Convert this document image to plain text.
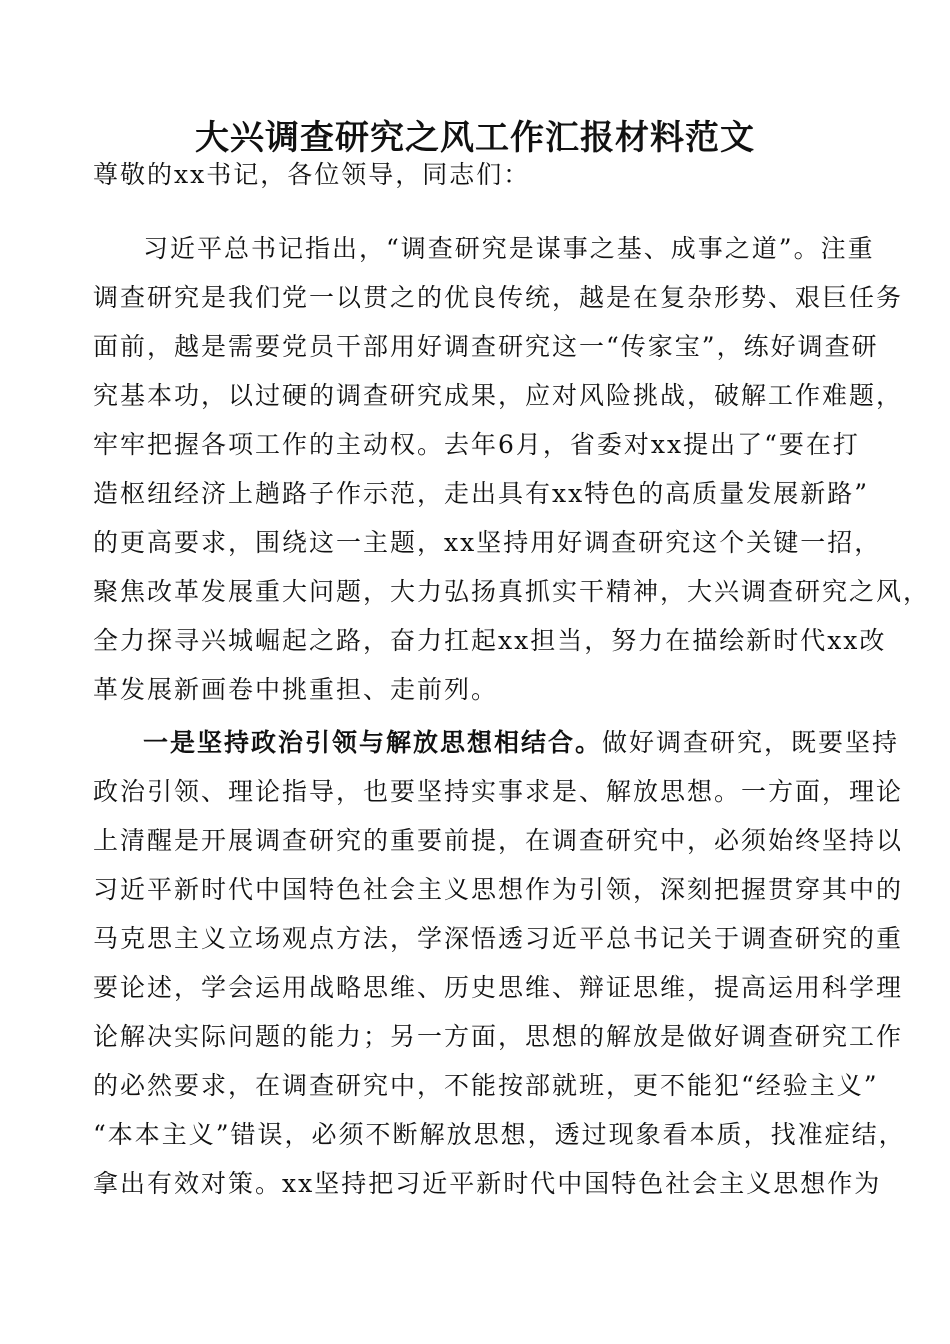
大兴调查研究之风工作汇报材料范文
尊敬的xx书记，各位领导，同志们：
习近平总书记指出，“调查研究是谋事之基、成事之道”。注重
调查研究是我们党一以贯之的优良传统，越是在复杂形势、艰巨任务
面前，越是需要党员干部用好调查研究这一“传家宝”，练好调查研
究基本功，以过硬的调查研究成果，应对风险挑战，破解工作难题，
牢牢把握各项工作的主动权。去年6月，省委对xx提出了“要在打
造枢纽经济上趟路子作示范，走出具有xx特色的高质量发展新路”
的更高要求，围绕这一主题，xx坚持用好调查研究这个关键一招，
聚焦改革发展重大问题，大力弘扬真抓实干精神，大兴调查研究之风，
全力探寻兴城崛起之路，奋力扛起xx担当，努力在描绘新时代xx改
革发展新画卷中挑重担、走前列。
一是坚持政治引领与解放思想相结合。做好调查研究，既要坚持
政治引领、理论指导，也要坚持实事求是、解放思想。一方面，理论
上清醒是开展调查研究的重要前提，在调查研究中，必须始终坚持以
习近平新时代中国特色社会主义思想作为引领，深刻把握贯穿其中的
马克思主义立场观点方法，学深悟透习近平总书记关于调查研究的重
要论述，学会运用战略思维、历史思维、辩证思维，提高运用科学理
论解决实际问题的能力；另一方面，思想的解放是做好调查研究工作
的必然要求，在调查研究中，不能按部就班，更不能犯“经验主义”
“本本主义”错误，必须不断解放思想，透过现象看本质，找准症结，
拿出有效对策。xx坚持把习近平新时代中国特色社会主义思想作为
